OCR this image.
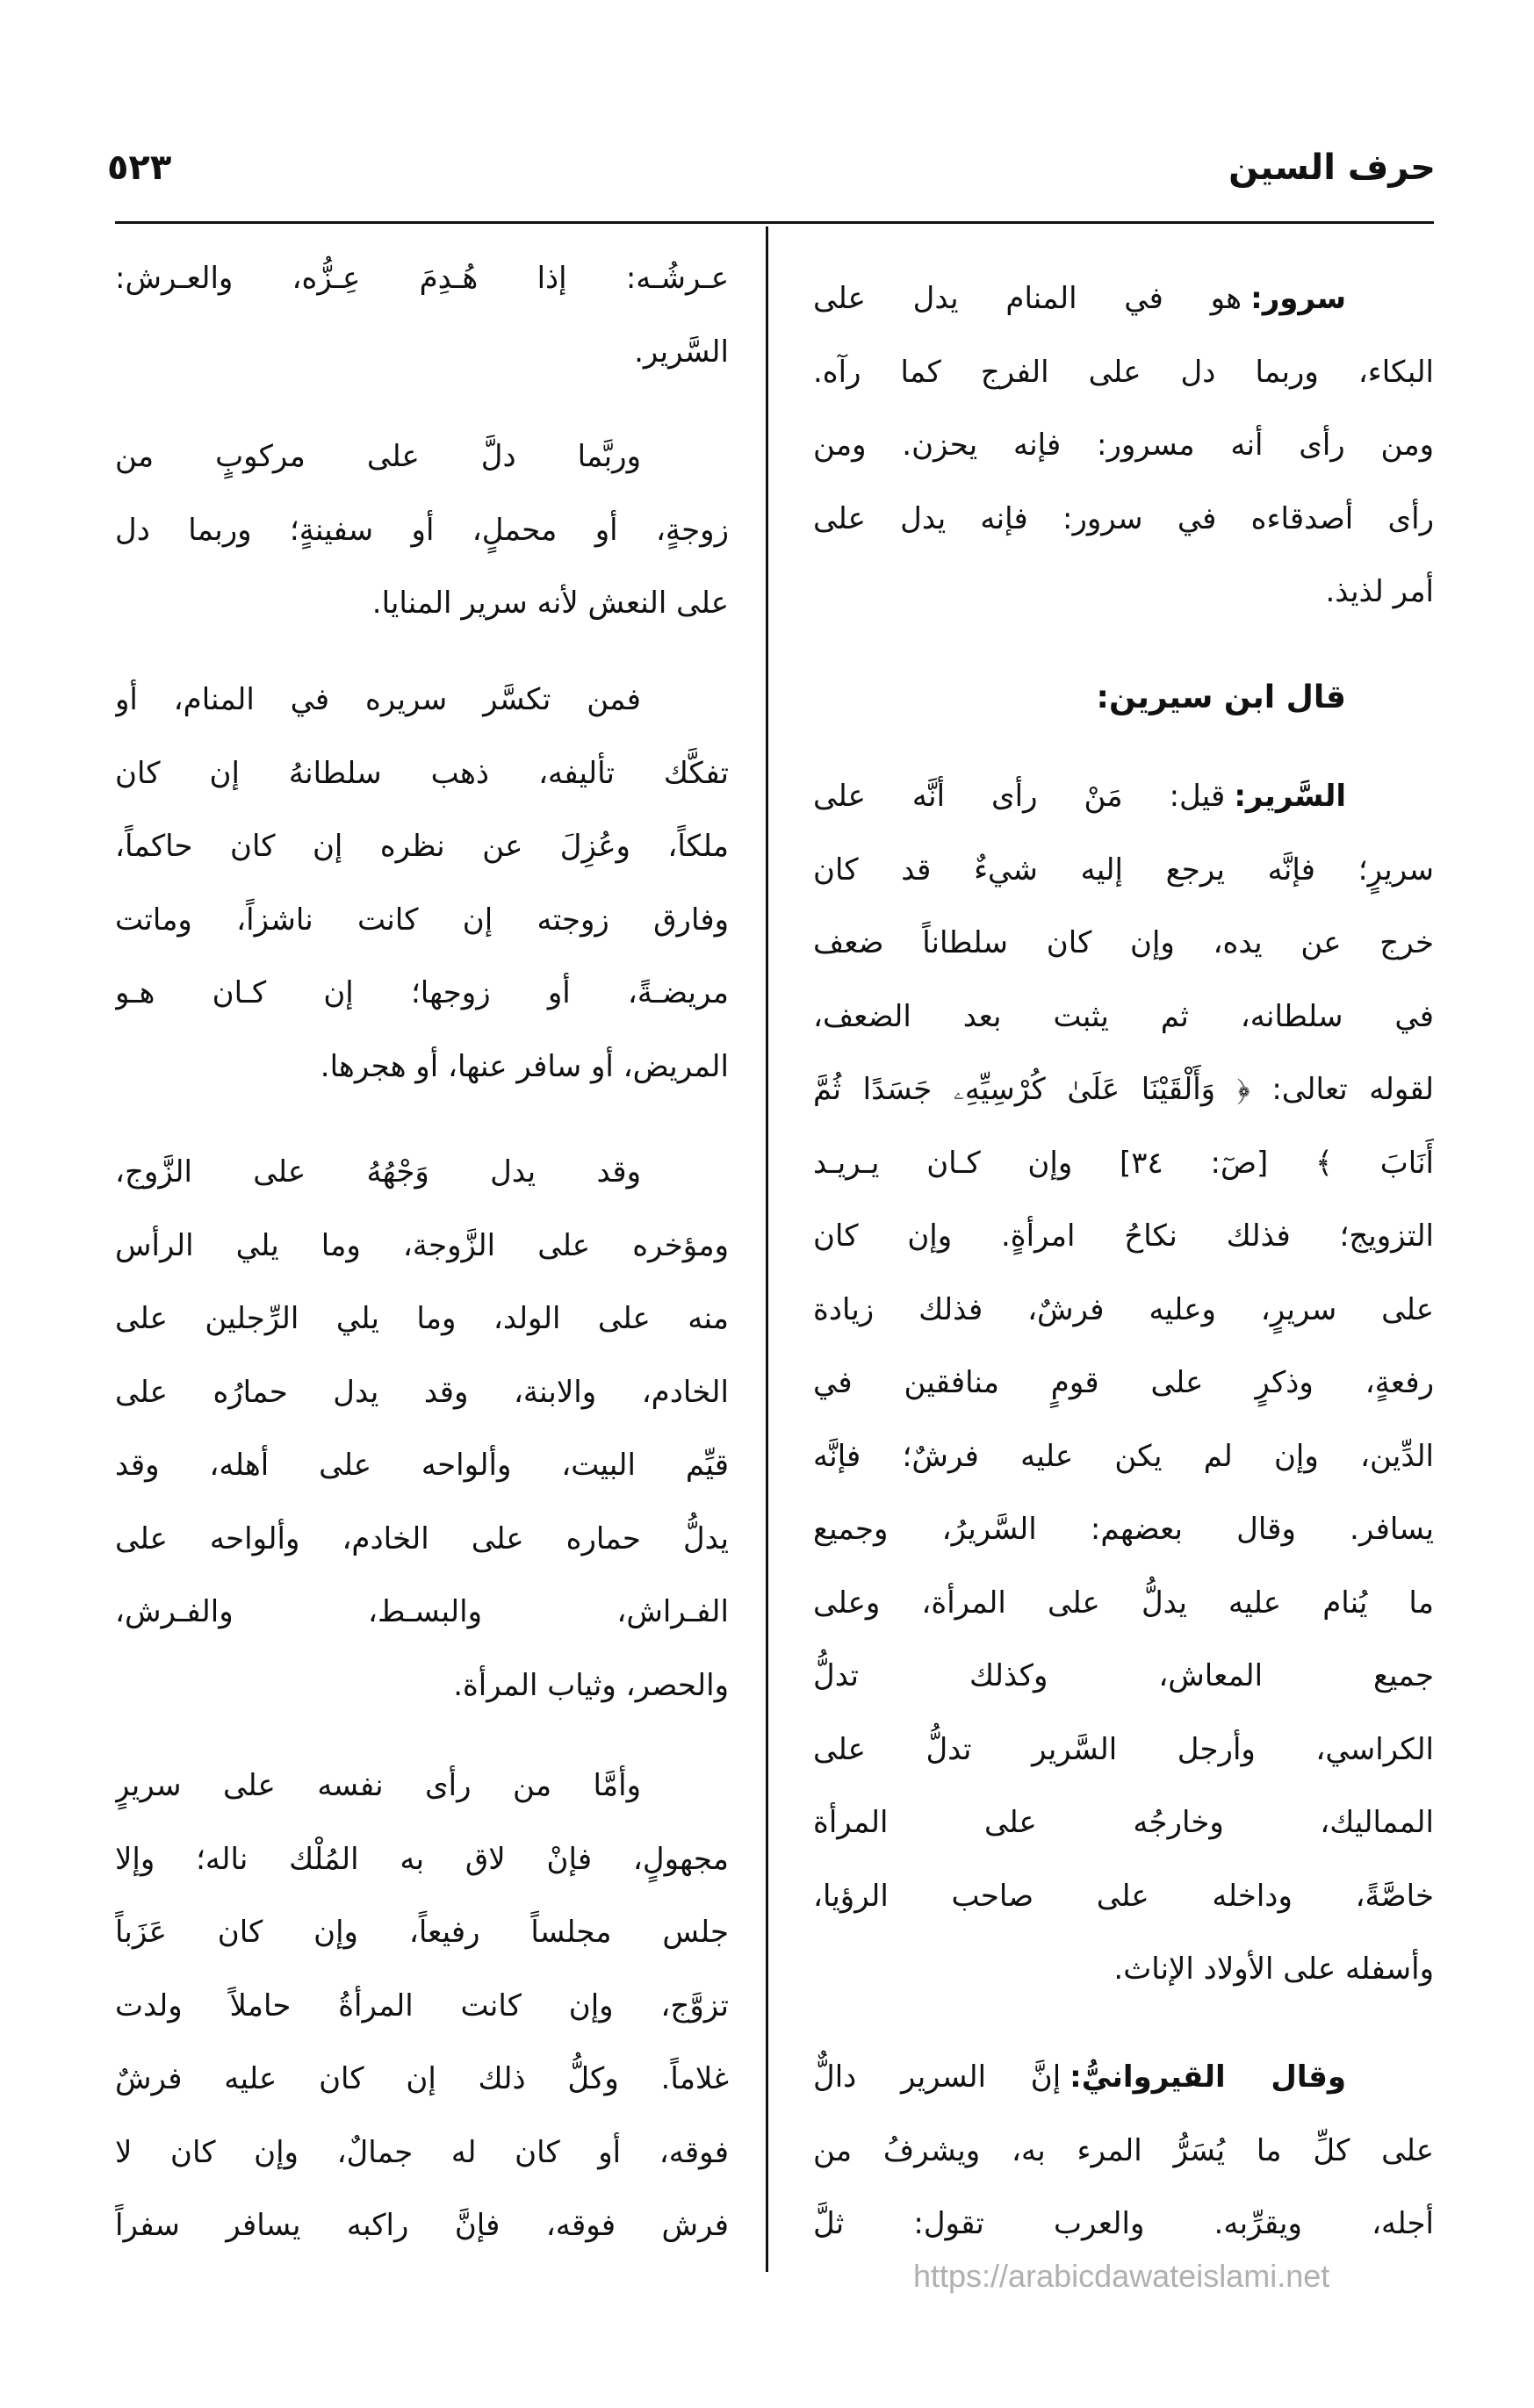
حرف السين
٥٢٣
سرور:هو في المنام يدل على
البكاء، وربما دل على الفرج كما رآه.
ومن رأى أنه مسرور: فإنه يحزن. ومن
رأى أصدقاءه في سرور: فإنه يدل على
أمر لذيذ.
قال ابن سيرين:
السَّرير:قيل: مَنْ رأى أنَّه على
سريرٍ؛ فإنَّه يرجع إليه شيءٌ قد كان
خرج عن يده، وإن كان سلطاناً ضعف
في سلطانه، ثم يثبت بعد الضعف،
لقوله تعالى: ﴿ وَأَلْقَيْنَا عَلَىٰ كُرْسِيِّهِۦ جَسَدًا ثُمَّ
أَنَابَ ﴾ [صٓ: ٣٤] وإن كـان يـريـد
التزويج؛ فذلك نكاحُ امرأةٍ. وإن كان
على سريرٍ، وعليه فرشٌ، فذلك زيادة
رفعةٍ، وذكرٍ على قومٍ منافقين في
الدِّين، وإن لم يكن عليه فرشٌ؛ فإنَّه
يسافر. وقال بعضهم: السَّريرُ، وجميع
ما يُنام عليه يدلُّ على المرأة، وعلى
جميع المعاش، وكذلك تدلُّ
الكراسي، وأرجل السَّرير تدلُّ على
المماليك، وخارجُه على المرأة
خاصَّةً، وداخله على صاحب الرؤيا،
وأسفله على الأولاد الإناث.
وقال القيروانيُّ:إنَّ السرير دالٌّ
على كلِّ ما يُسَرُّ المرء به، ويشرفُ من
أجله، ويقرِّبه. والعرب تقول: ثلَّ
عـرشُـه: إذا هُـدِمَ عِـزُّه، والعـرش:
السَّرير.
وربَّما دلَّ على مركوبٍ من
زوجةٍ، أو محملٍ، أو سفينةٍ؛ وربما دل
على النعش لأنه سرير المنايا.
فمن تكسَّر سريره في المنام، أو
تفكَّك تأليفه، ذهب سلطانهُ إن كان
ملكاً، وعُزِلَ عن نظره إن كان حاكماً،
وفارق زوجته إن كانت ناشزاً، وماتت
مريضـةً، أو زوجها؛ إن كـان هـو
المريض، أو سافر عنها، أو هجرها.
وقد يدل وَجْهُهُ على الزَّوج،
ومؤخره على الزَّوجة، وما يلي الرأس
منه على الولد، وما يلي الرِّجلين على
الخادم، والابنة، وقد يدل حمارُه على
قيِّم البيت، وألواحه على أهله، وقد
يدلُّ حماره على الخادم، وألواحه على
الفـراش، والبسـط، والفـرش،
والحصر، وثياب المرأة.
وأمَّا من رأى نفسه على سريرٍ
مجهولٍ، فإنْ لاق به المُلْك ناله؛ وإلا
جلس مجلساً رفيعاً، وإن كان عَزَباً
تزوَّج، وإن كانت المرأةُ حاملاً ولدت
غلاماً. وكلُّ ذلك إن كان عليه فرشٌ
فوقه، أو كان له جمالٌ، وإن كان لا
فرش فوقه، فإنَّ راكبه يسافر سفراً
https://arabicdawateislami.net
